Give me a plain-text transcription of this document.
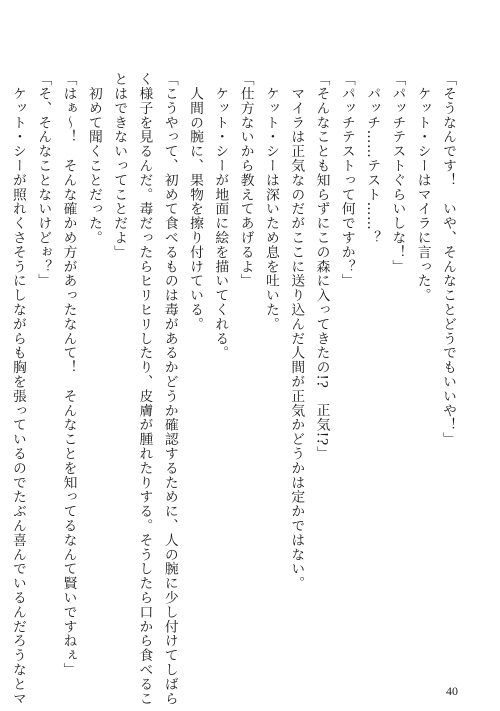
「そうなんです！　いや、そんなことどうでもいいや！」
　ケット・シーはマイラに言った。
「パッチテストぐらいしな！」
　パッチ……テスト……？
「パッチテストって何ですか？」
「そんなことも知らずにこの森に入ってきたの!?　正気!?」
　マイラは正気なのだがここに送り込んだ人間が正気かどうかは定かではない。
　ケット・シーは深いため息を吐いた。
「仕方ないから教えてあげるよ」
　ケット・シーが地面に絵を描いてくれる。
　人間の腕に、果物を擦り付けている。
「こうやって、初めて食べるものは毒があるかどうか確認するために、人の腕に少し付けてしばら
く様子を見るんだ。毒だったらヒリヒリしたり、皮膚が腫れたりする。そうしたら口から食べるこ
とはできないってことだよ」
　初めて聞くことだった。
「はぁ～！　そんな確かめ方があったなんて！　そんなことを知ってるなんて賢いですねぇ」
「そ、そんなことないけどぉ？」
　ケット・シーが照れくさそうにしながらも胸を張っているのでたぶん喜んでいるんだろうなとマ	40
